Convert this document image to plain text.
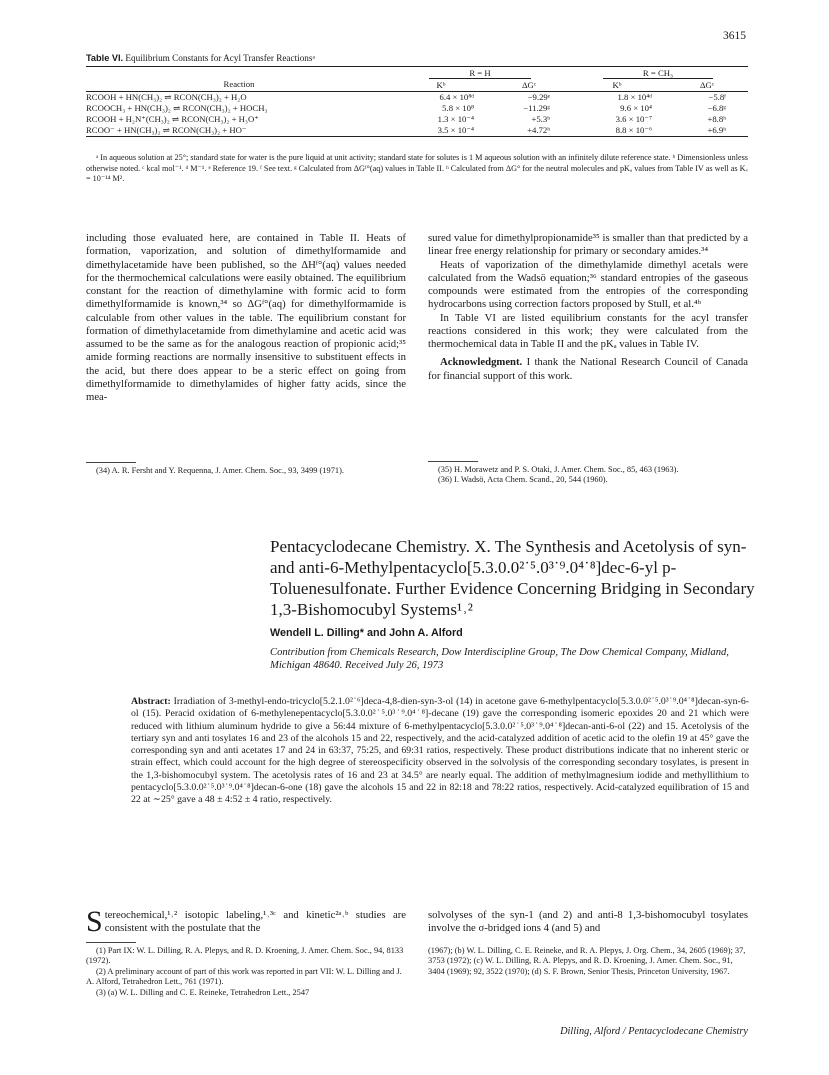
3615
Table VI. Equilibrium Constants for Acyl Transfer Reactionsᵃ
	R = H		R = CH₃	
Reaction	Kᵇ	ΔGᶜ	Kᵇ	ΔGᶜ
RCOOH + HN(CH₃)₂ ⇌ RCON(CH₃)₂ + H₂O	6.4 × 10⁸ᵈ	−9.29ᵉ	1.8 × 10⁴ᵈ	−5.8ᶠ
RCOOCH₃ + HN(CH₃)₂ ⇌ RCON(CH₃)₂ + HOCH₃	5.8 × 10⁸	−11.29ᵍ	9.6 × 10⁴	−6.8ᵍ
RCOOH + H₂N⁺(CH₃)₂ ⇌ RCON(CH₃)₂ + H₃O⁺	1.3 × 10⁻⁴	+5.3ʰ	3.6 × 10⁻⁷	+8.8ʰ
RCOO⁻ + HN(CH₃)₂ ⇌ RCON(CH₃)₂ + HO⁻	3.5 × 10⁻⁴	+4.72ʰ	8.8 × 10⁻⁶	+6.9ʰ

ᵃ In aqueous solution at 25°; standard state for water is the pure liquid at unit activity; standard state for solutes is 1 M aqueous solution with an infinitely dilute reference state. ᵇ Dimensionless unless otherwise noted. ᶜ kcal mol⁻¹. ᵈ M⁻¹. ᵉ Reference 19. ᶠ See text. ᵍ Calculated from ΔGᶠ°(aq) values in Table II. ʰ Calculated from ΔG° for the neutral molecules and pKₐ values from Table IV as well as Kᵥ = 10⁻¹⁴ M².

including those evaluated here, are contained in Table II. Heats of formation, vaporization, and solution of dimethylformamide and dimethylacetamide have been published, so the ΔHᶠ°(aq) values needed for the thermochemical calculations were easily obtained. The equilibrium constant for the reaction of dimethylamine with formic acid to form dimethylformamide is known,³⁴ so ΔGᶠ°(aq) for dimethylformamide is calculable from other values in the table. The equilibrium constant for formation of dimethylacetamide from dimethylamine and acetic acid was assumed to be the same as for the analogous reaction of propionic acid;³⁵ amide forming reactions are normally insensitive to substituent effects in the acid, but there does appear to be a steric effect on going from dimethylformamide to dimethylamides of higher fatty acids, since the mea-

(34) A. R. Fersht and Y. Requenna, J. Amer. Chem. Soc., 93, 3499 (1971).

sured value for dimethylpropionamide³⁵ is smaller than that predicted by a linear free energy relationship for primary or secondary amides.³⁴

Heats of vaporization of the dimethylamide dimethyl acetals were calculated from the Wadsö equation;³⁶ standard entropies of the gaseous compounds were estimated from the entropies of the corresponding hydrocarbons using correction factors proposed by Stull, et al.⁴ᵇ

In Table VI are listed equilibrium constants for the acyl transfer reactions considered in this work; they were calculated from the thermochemical data in Table II and the pKₐ values in Table IV.

Acknowledgment. I thank the National Research Council of Canada for financial support of this work.

(35) H. Morawetz and P. S. Otaki, J. Amer. Chem. Soc., 85, 463 (1963).

(36) I. Wadsö, Acta Chem. Scand., 20, 544 (1960).

Pentacyclodecane Chemistry. X. The Synthesis and Acetolysis of syn- and anti-6-Methylpentacyclo[5.3.0.0²˙⁵.0³˙⁹.0⁴˙⁸]dec-6-yl p-Toluenesulfonate. Further Evidence Concerning Bridging in Secondary 1,3-Bishomocubyl Systems¹˒²
Wendell L. Dilling* and John A. Alford
Contribution from Chemicals Research, Dow Interdiscipline Group, The Dow Chemical Company, Midland, Michigan 48640. Received July 26, 1973

Abstract: Irradiation of 3-methyl-endo-tricyclo[5.2.1.0²˙⁶]deca-4,8-dien-syn-3-ol (14) in acetone gave 6-methylpentacyclo[5.3.0.0²˙⁵.0³˙⁹.0⁴˙⁸]decan-syn-6-ol (15). Peracid oxidation of 6-methylenepentacyclo[5.3.0.0²˙⁵.0³˙⁹.0⁴˙⁸]-decane (19) gave the corresponding isomeric epoxides 20 and 21 which were reduced with lithium aluminum hydride to give a 56:44 mixture of 6-methylpentacyclo[5.3.0.0²˙⁵.0³˙⁹.0⁴˙⁸]decan-anti-6-ol (22) and 15. Acetolysis of the tertiary syn and anti tosylates 16 and 23 of the alcohols 15 and 22, respectively, and the acid-catalyzed addition of acetic acid to the olefin 19 at 45° gave the corresponding syn and anti acetates 17 and 24 in 63:37, 75:25, and 69:31 ratios, respectively. These product distributions indicate that no inherent steric or strain effect, which could account for the high degree of stereospecificity observed in the solvolysis of the corresponding secondary tosylates, is present in the 1,3-bishomocubyl system. The acetolysis rates of 16 and 23 at 34.5° are nearly equal. The addition of methylmagnesium iodide and methyllithium to pentacyclo[5.3.0.0²˙⁵.0³˙⁹.0⁴˙⁸]decan-6-one (18) gave the alcohols 15 and 22 in 82:18 and 78:22 ratios, respectively. Acid-catalyzed equilibration of 15 and 22 at ∼25° gave a 48 ± 4:52 ± 4 ratio, respectively.

S tereochemical,¹˒² isotopic labeling,¹˒³ᶜ and kinetic²ᵃ˒ᵇ studies are consistent with the postulate that the

(1) Part IX: W. L. Dilling, R. A. Plepys, and R. D. Kroening, J. Amer. Chem. Soc., 94, 8133 (1972).

(2) A preliminary account of part of this work was reported in part VII: W. L. Dilling and J. A. Alford, Tetrahedron Lett., 761 (1971).

(3) (a) W. L. Dilling and C. E. Reineke, Tetrahedron Lett., 2547

solvolyses of the syn-1 (and 2) and anti-8 1,3-bishomocubyl tosylates involve the σ-bridged ions 4 (and 5) and

(1967); (b) W. L. Dilling, C. E. Reineke, and R. A. Plepys, J. Org. Chem., 34, 2605 (1969); 37, 3753 (1972); (c) W. L. Dilling, R. A. Plepys, and R. D. Kroening, J. Amer. Chem. Soc., 91, 3404 (1969); 92, 3522 (1970); (d) S. F. Brown, Senior Thesis, Princeton University, 1967.

Dilling, Alford / Pentacyclodecane Chemistry
